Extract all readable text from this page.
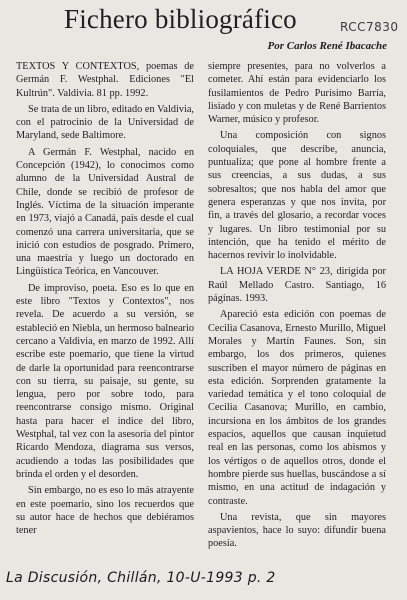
Fichero bibliográfico	RCC7830
Por Carlos René Ibacache

TEXTOS Y CONTEXTOS, poemas de Germán F. Westphal. Ediciones "El Kultrún". Valdivia. 81 pp. 1992.

Se trata de un libro, editado en Valdivia, con el patrocinio de la Universidad de Maryland, sede Baltimore.

A Germán F. Westphal, nacido en Concepción (1942), lo conocimos como alumno de la Universidad Austral de Chile, donde se recibió de profesor de Inglés. Víctima de la situación imperante en 1973, viajó a Canadá, país desde el cual comenzó una carrera universitaria, que se inició con estudios de posgrado. Primero, una maestría y luego un doctorado en Lingüística Teórica, en Vancouver.

De improviso, poeta. Eso es lo que en este libro "Textos y Contextos", nos revela. De acuerdo a su versión, se estableció en Niebla, un hermoso balneario cercano a Valdivia, en marzo de 1992. Allí escribe este poemario, que tiene la virtud de darle la oportunidad para reencontrarse con su tierra, su paisaje, su gente, su lengua, pero por sobre todo, para reencontrarse consigo mismo. Original hasta para hacer el índice del libro, Westphal, tal vez con la asesoría del pintor Ricardo Mendoza, diagrama sus versos, acudiendo a todas las posibilidades que brinda el orden y el desorden.

Sin embargo, no es eso lo más atrayente en este poemario, sino los recuerdos que su autor hace de hechos que debiéramos tener

siempre presentes, para no volverlos a cometer. Ahí están para evidenciarlo los fusilamientos de Pedro Purísimo Barría, lisiado y con muletas y de René Barrientos Warner, músico y profesor.

Una composición con signos coloquiales, que describe, anuncia, puntualiza; que pone al hombre frente a sus creencias, a sus dudas, a sus sobresaltos; que nos habla del amor que genera esperanzas y que nos invita, por fin, a través del glosario, a recordar voces y lugares. Un libro testimonial por su intención, que ha tenido el mérito de hacernos revivir lo inolvidable.

LA HOJA VERDE N° 23, dirigida por Raúl Mellado Castro. Santiago, 16 páginas. 1993.

Apareció esta edición con poemas de Cecilia Casanova, Ernesto Murillo, Miguel Morales y Martín Faunes. Son, sin embargo, los dos primeros, quienes suscriben el mayor número de páginas en esta edición. Sorprenden gratamente la variedad temática y el tono coloquial de Cecilia Casanova; Murillo, en cambio, incursiona en los ámbitos de los grandes espacios, aquellos que causan inquietud real en las personas, como los abismos y los vértigos o de aquellos otros, donde el hombre pierde sus huellas, buscándose a sí mismo, en una actitud de indagación y contraste.

Una revista, que sin mayores aspavientos, hace lo suyo: difundir buena poesía.

La Discusión, Chillán, 10-U-1993 p. 2
